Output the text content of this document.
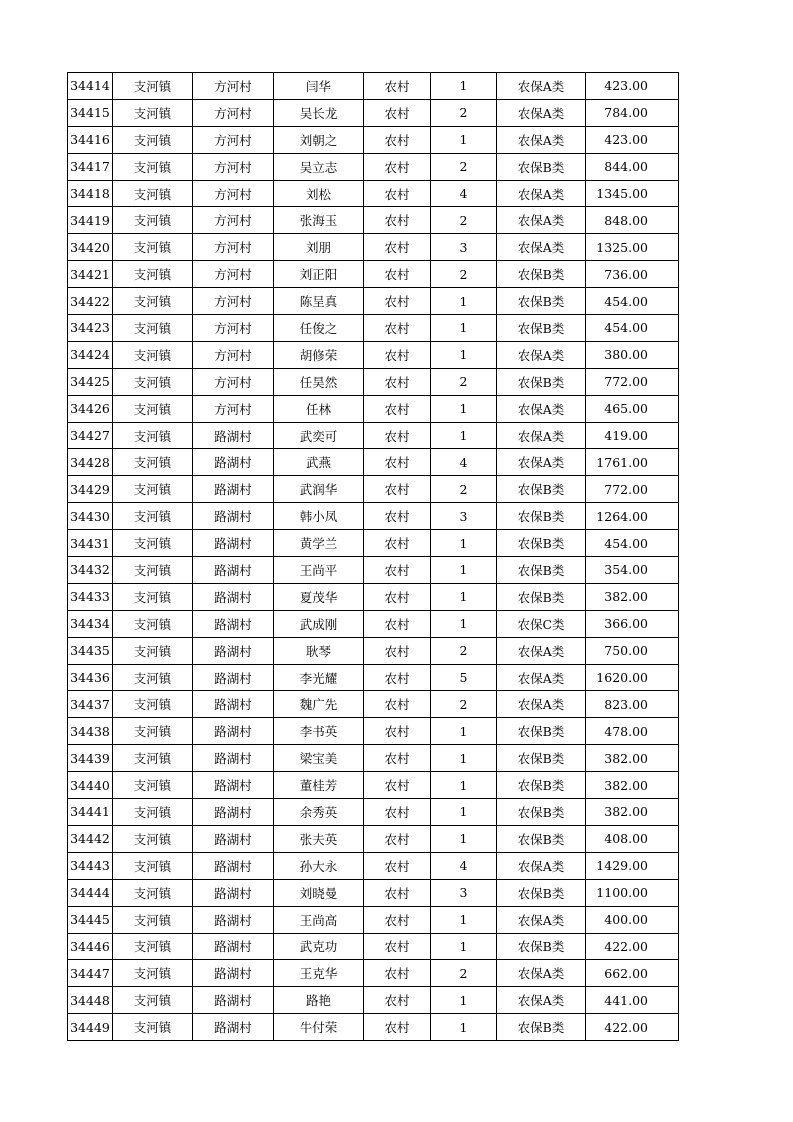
34414	支河镇	方河村	闫华	农村	1	农保A类	423.00
34415	支河镇	方河村	吴长龙	农村	2	农保A类	784.00
34416	支河镇	方河村	刘朝之	农村	1	农保A类	423.00
34417	支河镇	方河村	吴立志	农村	2	农保B类	844.00
34418	支河镇	方河村	刘松	农村	4	农保A类	1345.00
34419	支河镇	方河村	张海玉	农村	2	农保A类	848.00
34420	支河镇	方河村	刘朋	农村	3	农保A类	1325.00
34421	支河镇	方河村	刘正阳	农村	2	农保B类	736.00
34422	支河镇	方河村	陈呈真	农村	1	农保B类	454.00
34423	支河镇	方河村	任俊之	农村	1	农保B类	454.00
34424	支河镇	方河村	胡修荣	农村	1	农保A类	380.00
34425	支河镇	方河村	任昊然	农村	2	农保B类	772.00
34426	支河镇	方河村	任林	农村	1	农保A类	465.00
34427	支河镇	路湖村	武奕可	农村	1	农保A类	419.00
34428	支河镇	路湖村	武燕	农村	4	农保A类	1761.00
34429	支河镇	路湖村	武润华	农村	2	农保B类	772.00
34430	支河镇	路湖村	韩小凤	农村	3	农保B类	1264.00
34431	支河镇	路湖村	黄学兰	农村	1	农保B类	454.00
34432	支河镇	路湖村	王尚平	农村	1	农保B类	354.00
34433	支河镇	路湖村	夏茂华	农村	1	农保B类	382.00
34434	支河镇	路湖村	武成刚	农村	1	农保C类	366.00
34435	支河镇	路湖村	耿琴	农村	2	农保A类	750.00
34436	支河镇	路湖村	李光耀	农村	5	农保A类	1620.00
34437	支河镇	路湖村	魏广先	农村	2	农保A类	823.00
34438	支河镇	路湖村	李书英	农村	1	农保B类	478.00
34439	支河镇	路湖村	梁宝美	农村	1	农保B类	382.00
34440	支河镇	路湖村	董桂芳	农村	1	农保B类	382.00
34441	支河镇	路湖村	余秀英	农村	1	农保B类	382.00
34442	支河镇	路湖村	张夫英	农村	1	农保B类	408.00
34443	支河镇	路湖村	孙大永	农村	4	农保A类	1429.00
34444	支河镇	路湖村	刘晓曼	农村	3	农保B类	1100.00
34445	支河镇	路湖村	王尚高	农村	1	农保A类	400.00
34446	支河镇	路湖村	武克功	农村	1	农保B类	422.00
34447	支河镇	路湖村	王克华	农村	2	农保A类	662.00
34448	支河镇	路湖村	路艳	农村	1	农保A类	441.00
34449	支河镇	路湖村	牛付荣	农村	1	农保B类	422.00
